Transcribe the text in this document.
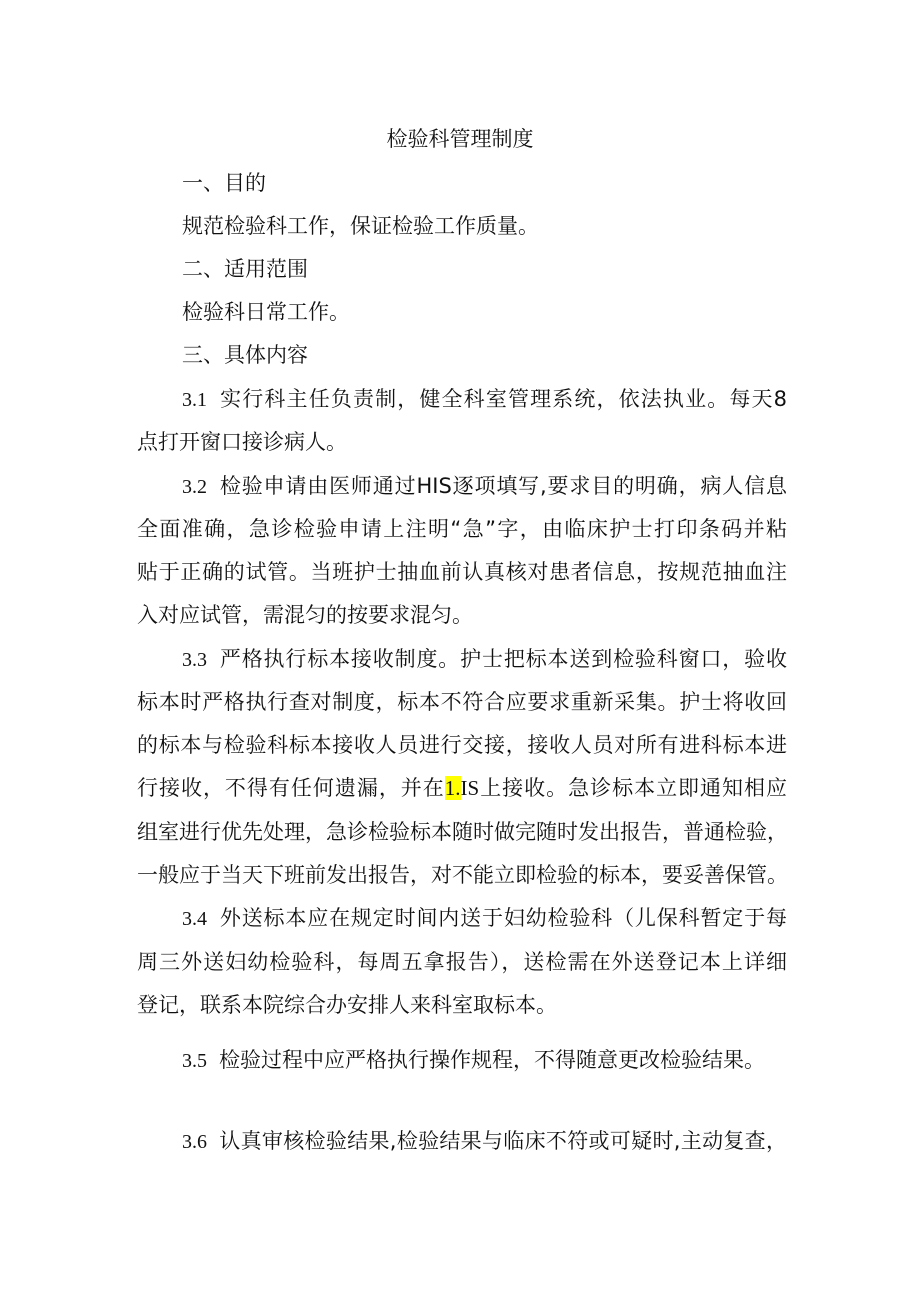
检验科管理制度

一、目的

规范检验科工作，保证检验工作质量。

二、适用范围

检验科日常工作。

三、具体内容

3.1 实行科主任负责制，健全科室管理系统，依法执业。每天8

点打开窗口接诊病人。

3.2 检验申请由医师通过HIS逐项填写,要求目的明确，病人信息

全面准确，急诊检验申请上注明“急”字，由临床护士打印条码并粘

贴于正确的试管。当班护士抽血前认真核对患者信息，按规范抽血注

入对应试管，需混匀的按要求混匀。

3.3 严格执行标本接收制度。护士把标本送到检验科窗口，验收

标本时严格执行查对制度，标本不符合应要求重新采集。护士将收回

的标本与检验科标本接收人员进行交接，接收人员对所有进科标本进

行接收，不得有任何遗漏，并在1.IS上接收。急诊标本立即通知相应

组室进行优先处理，急诊检验标本随时做完随时发出报告，普通检验，

一般应于当天下班前发出报告，对不能立即检验的标本，要妥善保管。

3.4 外送标本应在规定时间内送于妇幼检验科（儿保科暂定于每

周三外送妇幼检验科，每周五拿报告），送检需在外送登记本上详细

登记，联系本院综合办安排人来科室取标本。

3.5 检验过程中应严格执行操作规程，不得随意更改检验结果。

3.6 认真审核检验结果,检验结果与临床不符或可疑时,主动复查，
